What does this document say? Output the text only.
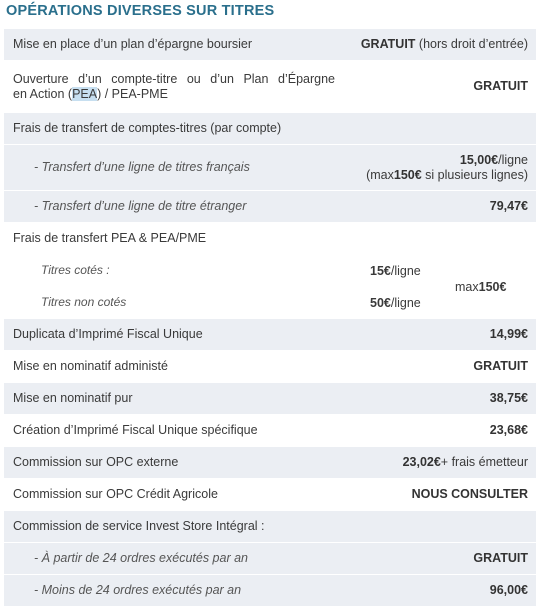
OPÉRATIONS DIVERSES SUR TITRES
Mise en place d’un plan d’épargne boursier	GRATUIT (hors droit d’entrée)
Ouverture d’un compte-titre ou d’un Plan d’Épargne
en Action (PEA) / PEA-PME
GRATUIT
Frais de transfert de comptes-titres (par compte)
- Transfert d’une ligne de titres français
15,00€/ligne
(max150€ si plusieurs lignes)
- Transfert d’une ligne de titre étranger	79,47€
Frais de transfert PEA & PEA/PME
Titres cotés :	15€ /ligne
Titres non cotés	50€ /ligne
max 150€
Duplicata d’Imprimé Fiscal Unique	14,99€
Mise en nominatif administé	GRATUIT
Mise en nominatif pur	38,75€
Création d’Imprimé Fiscal Unique spécifique	23,68€
Commission sur OPC externe	23,02€+ frais émetteur
Commission sur OPC Crédit Agricole	NOUS CONSULTER
Commission de service Invest Store Intégral :
- À partir de 24 ordres exécutés par an	GRATUIT
- Moins de 24 ordres exécutés par an	96,00€
